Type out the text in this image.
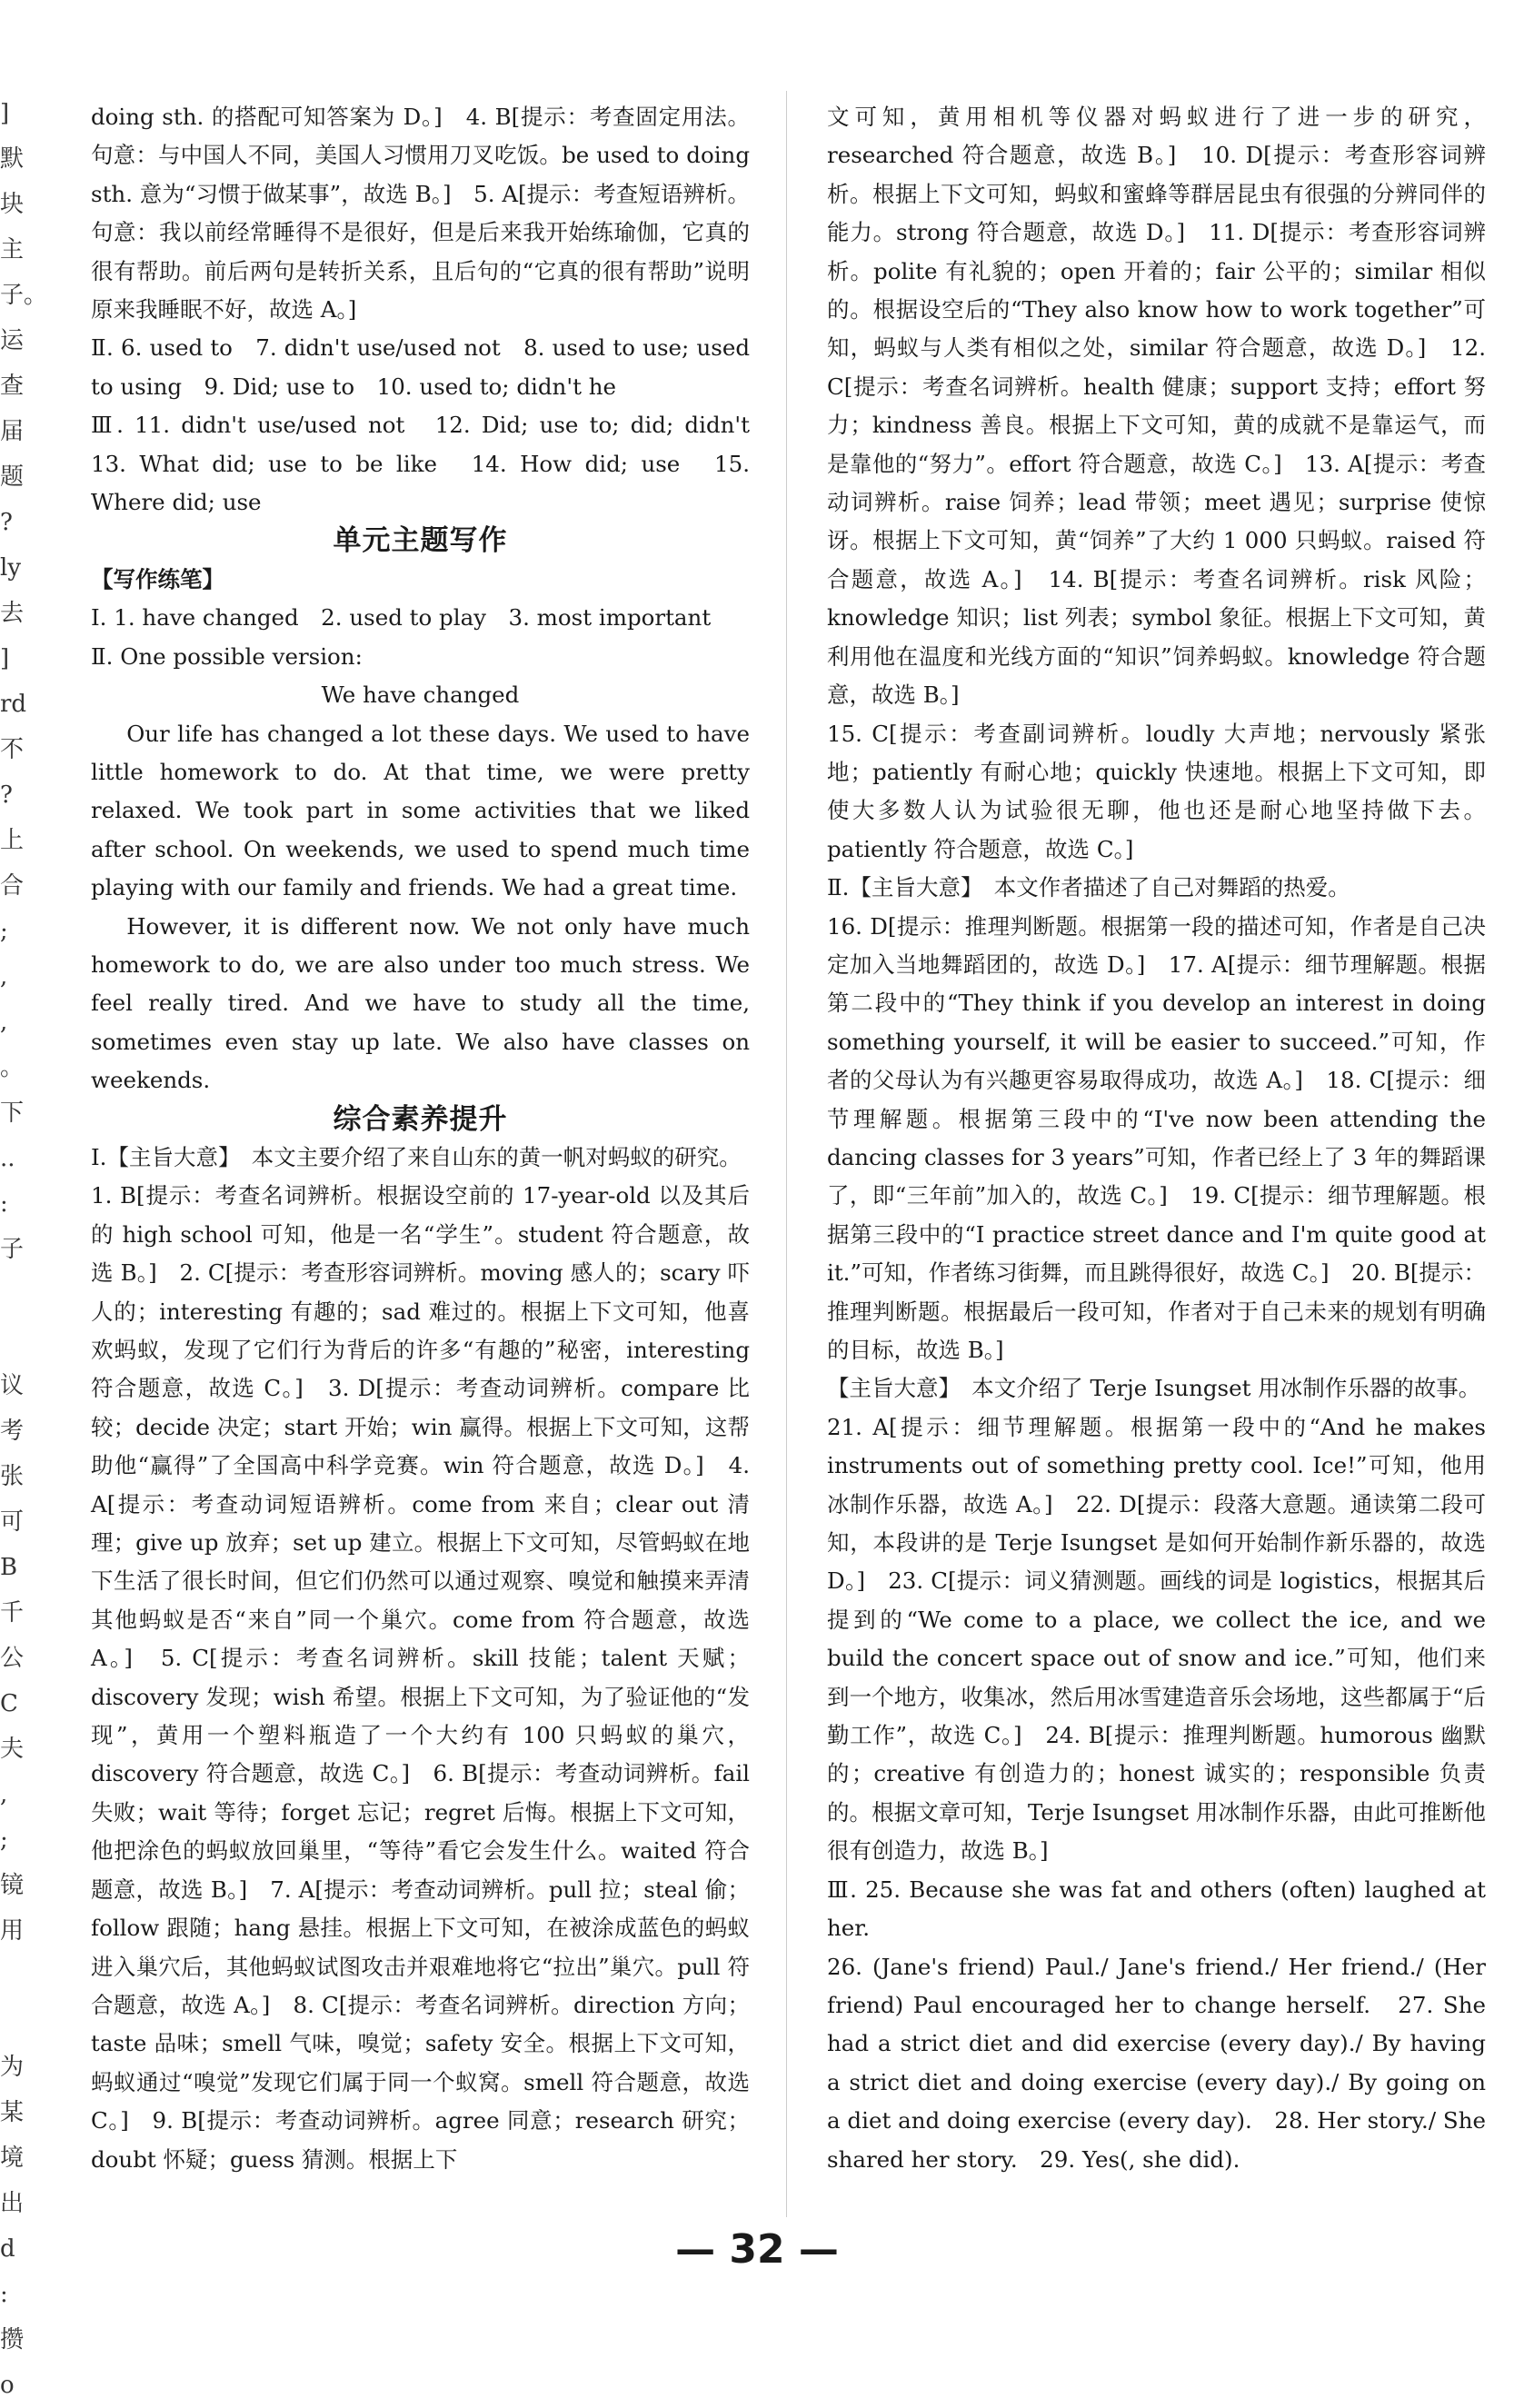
]
默
块
主
子。
运
查
届
题
?
ly
去
]
rd
不
?
上
合
;
,
,
。
下
..
:
子

议
考
张
可
B
千
公
C
夫
,
;
镜
用

为
某
境
出
d
:
攒
o

doing sth. 的搭配可知答案为 D。]　4. B[提示：考查固定用法。句意：与中国人不同，美国人习惯用刀叉吃饭。be used to doing sth. 意为“习惯于做某事”，故选 B。]　5. A[提示：考查短语辨析。句意：我以前经常睡得不是很好，但是后来我开始练瑜伽，它真的很有帮助。前后两句是转折关系，且后句的“它真的很有帮助”说明原来我睡眠不好，故选 A。]

Ⅱ. 6. used to　7. didn't use/used not　8. used to use; used to using　9. Did; use to　10. used to; didn't he

Ⅲ. 11. didn't use/used not　12. Did; use to; did; didn't　13. What did; use to be like　14. How did; use　15. Where did; use

单元主题写作

【写作练笔】

Ⅰ. 1. have changed　2. used to play　3. most important

Ⅱ. One possible version:

We have changed

Our life has changed a lot these days. We used to have little homework to do. At that time, we were pretty relaxed. We took part in some activities that we liked after school. On weekends, we used to spend much time playing with our family and friends. We had a great time.

However, it is different now. We not only have much homework to do, we are also under too much stress. We feel really tired. And we have to study all the time, sometimes even stay up late. We also have classes on weekends.

综合素养提升

Ⅰ.【主旨大意】　本文主要介绍了来自山东的黄一帆对蚂蚁的研究。

1. B[提示：考查名词辨析。根据设空前的 17-year-old 以及其后的 high school 可知，他是一名“学生”。student 符合题意，故选 B。]　2. C[提示：考查形容词辨析。moving 感人的；scary 吓人的；interesting 有趣的；sad 难过的。根据上下文可知，他喜欢蚂蚁，发现了它们行为背后的许多“有趣的”秘密，interesting 符合题意，故选 C。]　3. D[提示：考查动词辨析。compare 比较；decide 决定；start 开始；win 赢得。根据上下文可知，这帮助他“赢得”了全国高中科学竞赛。win 符合题意，故选 D。]　4. A[提示：考查动词短语辨析。come from 来自；clear out 清理；give up 放弃；set up 建立。根据上下文可知，尽管蚂蚁在地下生活了很长时间，但它们仍然可以通过观察、嗅觉和触摸来弄清其他蚂蚁是否“来自”同一个巢穴。come from 符合题意，故选 A。]　5. C[提示：考查名词辨析。skill 技能；talent 天赋；discovery 发现；wish 希望。根据上下文可知，为了验证他的“发现”，黄用一个塑料瓶造了一个大约有 100 只蚂蚁的巢穴，discovery 符合题意，故选 C。]　6. B[提示：考查动词辨析。fail 失败；wait 等待；forget 忘记；regret 后悔。根据上下文可知，他把涂色的蚂蚁放回巢里，“等待”看它会发生什么。waited 符合题意，故选 B。]　7. A[提示：考查动词辨析。pull 拉；steal 偷；follow 跟随；hang 悬挂。根据上下文可知，在被涂成蓝色的蚂蚁进入巢穴后，其他蚂蚁试图攻击并艰难地将它“拉出”巢穴。pull 符合题意，故选 A。]　8. C[提示：考查名词辨析。direction 方向；taste 品味；smell 气味，嗅觉；safety 安全。根据上下文可知，蚂蚁通过“嗅觉”发现它们属于同一个蚁窝。smell 符合题意，故选 C。]　9. B[提示：考查动词辨析。agree 同意；research 研究；doubt 怀疑；guess 猜测。根据上下

文可知，黄用相机等仪器对蚂蚁进行了进一步的研究，researched 符合题意，故选 B。]　10. D[提示：考查形容词辨析。根据上下文可知，蚂蚁和蜜蜂等群居昆虫有很强的分辨同伴的能力。strong 符合题意，故选 D。]　11. D[提示：考查形容词辨析。polite 有礼貌的；open 开着的；fair 公平的；similar 相似的。根据设空后的“They also know how to work together”可知，蚂蚁与人类有相似之处，similar 符合题意，故选 D。]　12. C[提示：考查名词辨析。health 健康；support 支持；effort 努力；kindness 善良。根据上下文可知，黄的成就不是靠运气，而是靠他的“努力”。effort 符合题意，故选 C。]　13. A[提示：考查动词辨析。raise 饲养；lead 带领；meet 遇见；surprise 使惊讶。根据上下文可知，黄“饲养”了大约 1 000 只蚂蚁。raised 符合题意，故选 A。]　14. B[提示：考查名词辨析。risk 风险；knowledge 知识；list 列表；symbol 象征。根据上下文可知，黄利用他在温度和光线方面的“知识”饲养蚂蚁。knowledge 符合题意，故选 B。]

15. C[提示：考查副词辨析。loudly 大声地；nervously 紧张地；patiently 有耐心地；quickly 快速地。根据上下文可知，即使大多数人认为试验很无聊，他也还是耐心地坚持做下去。patiently 符合题意，故选 C。]

Ⅱ.【主旨大意】　本文作者描述了自己对舞蹈的热爱。

16. D[提示：推理判断题。根据第一段的描述可知，作者是自己决定加入当地舞蹈团的，故选 D。]　17. A[提示：细节理解题。根据第二段中的“They think if you develop an interest in doing something yourself, it will be easier to succeed.”可知，作者的父母认为有兴趣更容易取得成功，故选 A。]　18. C[提示：细节理解题。根据第三段中的“I've now been attending the dancing classes for 3 years”可知，作者已经上了 3 年的舞蹈课了，即“三年前”加入的，故选 C。]　19. C[提示：细节理解题。根据第三段中的“I practice street dance and I'm quite good at it.”可知，作者练习街舞，而且跳得很好，故选 C。]　20. B[提示：推理判断题。根据最后一段可知，作者对于自己未来的规划有明确的目标，故选 B。]

【主旨大意】　本文介绍了 Terje Isungset 用冰制作乐器的故事。

21. A[提示：细节理解题。根据第一段中的“And he makes instruments out of something pretty cool. Ice!”可知，他用冰制作乐器，故选 A。]　22. D[提示：段落大意题。通读第二段可知，本段讲的是 Terje Isungset 是如何开始制作新乐器的，故选 D。]　23. C[提示：词义猜测题。画线的词是 logistics，根据其后提到的“We come to a place, we collect the ice, and we build the concert space out of snow and ice.”可知，他们来到一个地方，收集冰，然后用冰雪建造音乐会场地，这些都属于“后勤工作”，故选 C。]　24. B[提示：推理判断题。humorous 幽默的；creative 有创造力的；honest 诚实的；responsible 负责的。根据文章可知，Terje Isungset 用冰制作乐器，由此可推断他很有创造力，故选 B。]

Ⅲ. 25. Because she was fat and others (often) laughed at her.

26. (Jane's friend) Paul./ Jane's friend./ Her friend./ (Her friend) Paul encouraged her to change herself.　27. She had a strict diet and did exercise (every day)./ By having a strict diet and doing exercise (every day)./ By going on a diet and doing exercise (every day).　28. Her story./ She shared her story.　29. Yes(, she did).

— 32 —
